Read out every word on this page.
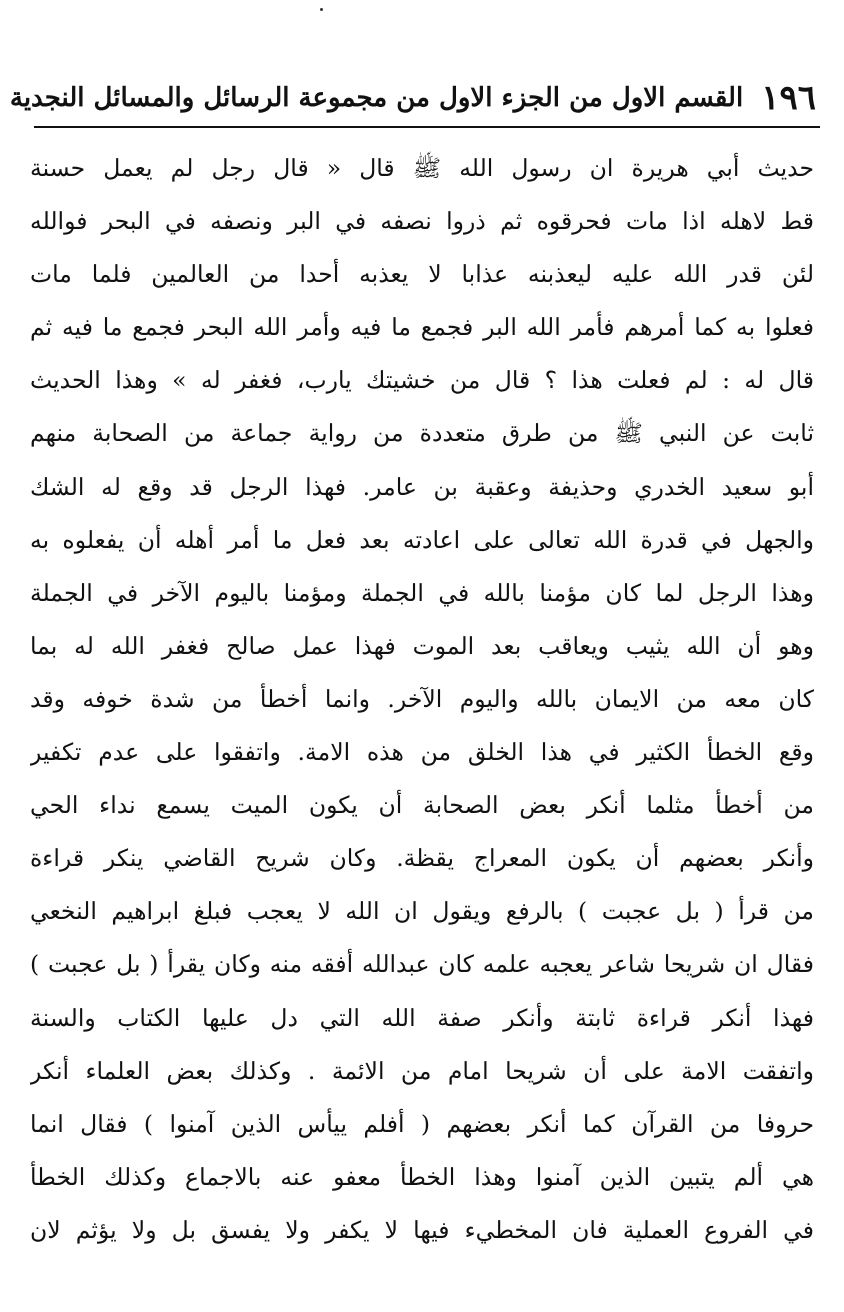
١٩٦
القسم الاول من الجزء الاول من مجموعة الرسائل والمسائل النجدية
حديث أبي هريرة ان رسول الله ﷺ قال « قال رجل لم يعمل حسنة
قط لاهله اذا مات فحرقوه ثم ذروا نصفه في البر ونصفه في البحر فوالله
لئن قدر الله عليه ليعذبنه عذابا لا يعذبه أحدا من العالمين فلما مات
فعلوا به كما أمرهم فأمر الله البر فجمع ما فيه وأمر الله البحر فجمع ما فيه ثم
قال له : لم فعلت هذا ؟ قال من خشيتك يارب، فغفر له » وهذا الحديث
ثابت عن النبي ﷺ من طرق متعددة من رواية جماعة من الصحابة منهم
أبو سعيد الخدري وحذيفة وعقبة بن عامر. فهذا الرجل قد وقع له الشك
والجهل في قدرة الله تعالى على اعادته بعد فعل ما أمر أهله أن يفعلوه به
وهذا الرجل لما كان مؤمنا بالله في الجملة ومؤمنا باليوم الآخر في الجملة
وهو أن الله يثيب ويعاقب بعد الموت فهذا عمل صالح فغفر الله له بما
كان معه من الايمان بالله واليوم الآخر. وانما أخطأ من شدة خوفه وقد
وقع الخطأ الكثير في هذا الخلق من هذه الامة. واتفقوا على عدم تكفير
من أخطأ مثلما أنكر بعض الصحابة أن يكون الميت يسمع نداء الحي
وأنكر بعضهم أن يكون المعراج يقظة. وكان شريح القاضي ينكر قراءة
من قرأ ( بل عجبت ) بالرفع ويقول ان الله لا يعجب فبلغ ابراهيم النخعي
فقال ان شريحا شاعر يعجبه علمه كان عبدالله أفقه منه وكان يقرأ ( بل عجبت )
فهذا أنكر قراءة ثابتة وأنكر صفة الله التي دل عليها الكتاب والسنة
واتفقت الامة على أن شريحا امام من الائمة . وكذلك بعض العلماء أنكر
حروفا من القرآن كما أنكر بعضهم ( أفلم ييأس الذين آمنوا ) فقال انما
هي ألم يتبين الذين آمنوا وهذا الخطأ معفو عنه بالاجماع وكذلك الخطأ
في الفروع العملية فان المخطيء فيها لا يكفر ولا يفسق بل ولا يؤثم لان
